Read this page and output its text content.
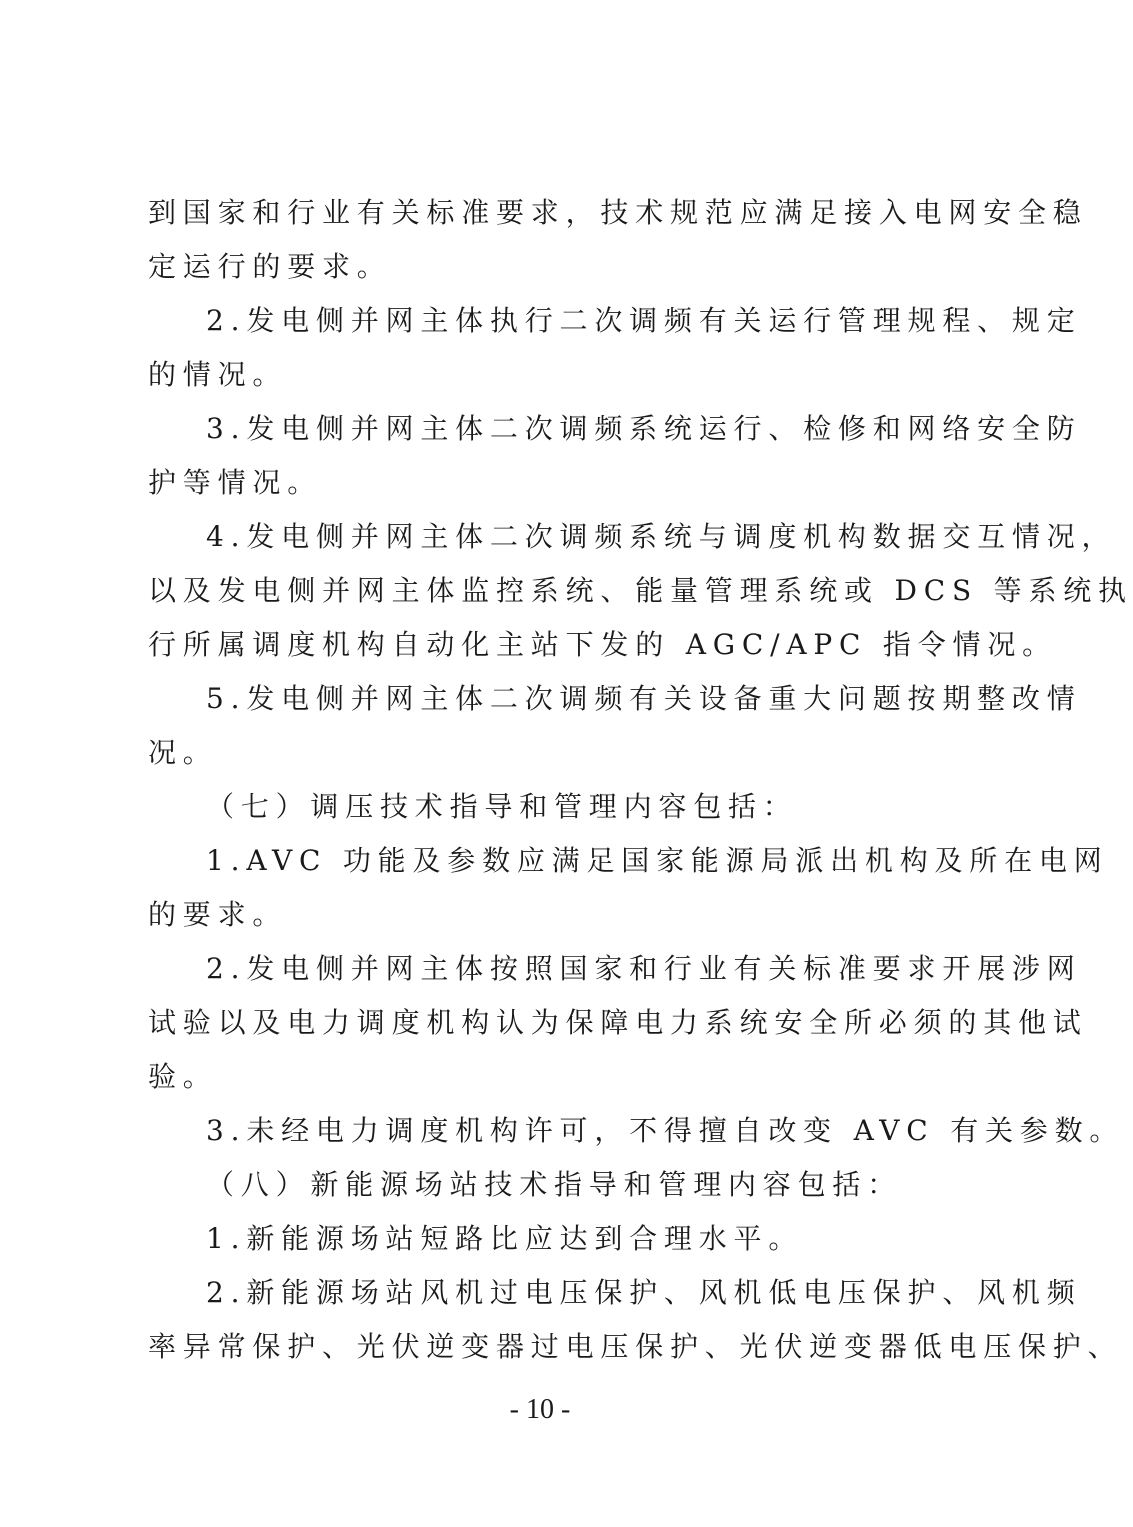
到国家和行业有关标准要求，技术规范应满足接入电网安全稳
定运行的要求。
2.发电侧并网主体执行二次调频有关运行管理规程、规定
的情况。
3.发电侧并网主体二次调频系统运行、检修和网络安全防
护等情况。
4.发电侧并网主体二次调频系统与调度机构数据交互情况，
以及发电侧并网主体监控系统、能量管理系统或 DCS 等系统执
行所属调度机构自动化主站下发的 AGC/APC 指令情况。
5.发电侧并网主体二次调频有关设备重大问题按期整改情
况。
（七）调压技术指导和管理内容包括：
1.AVC 功能及参数应满足国家能源局派出机构及所在电网
的要求。
2.发电侧并网主体按照国家和行业有关标准要求开展涉网
试验以及电力调度机构认为保障电力系统安全所必须的其他试
验。
3.未经电力调度机构许可，不得擅自改变 AVC 有关参数。
（八）新能源场站技术指导和管理内容包括：
1.新能源场站短路比应达到合理水平。
2.新能源场站风机过电压保护、风机低电压保护、风机频
率异常保护、光伏逆变器过电压保护、光伏逆变器低电压保护、
- 10 -
